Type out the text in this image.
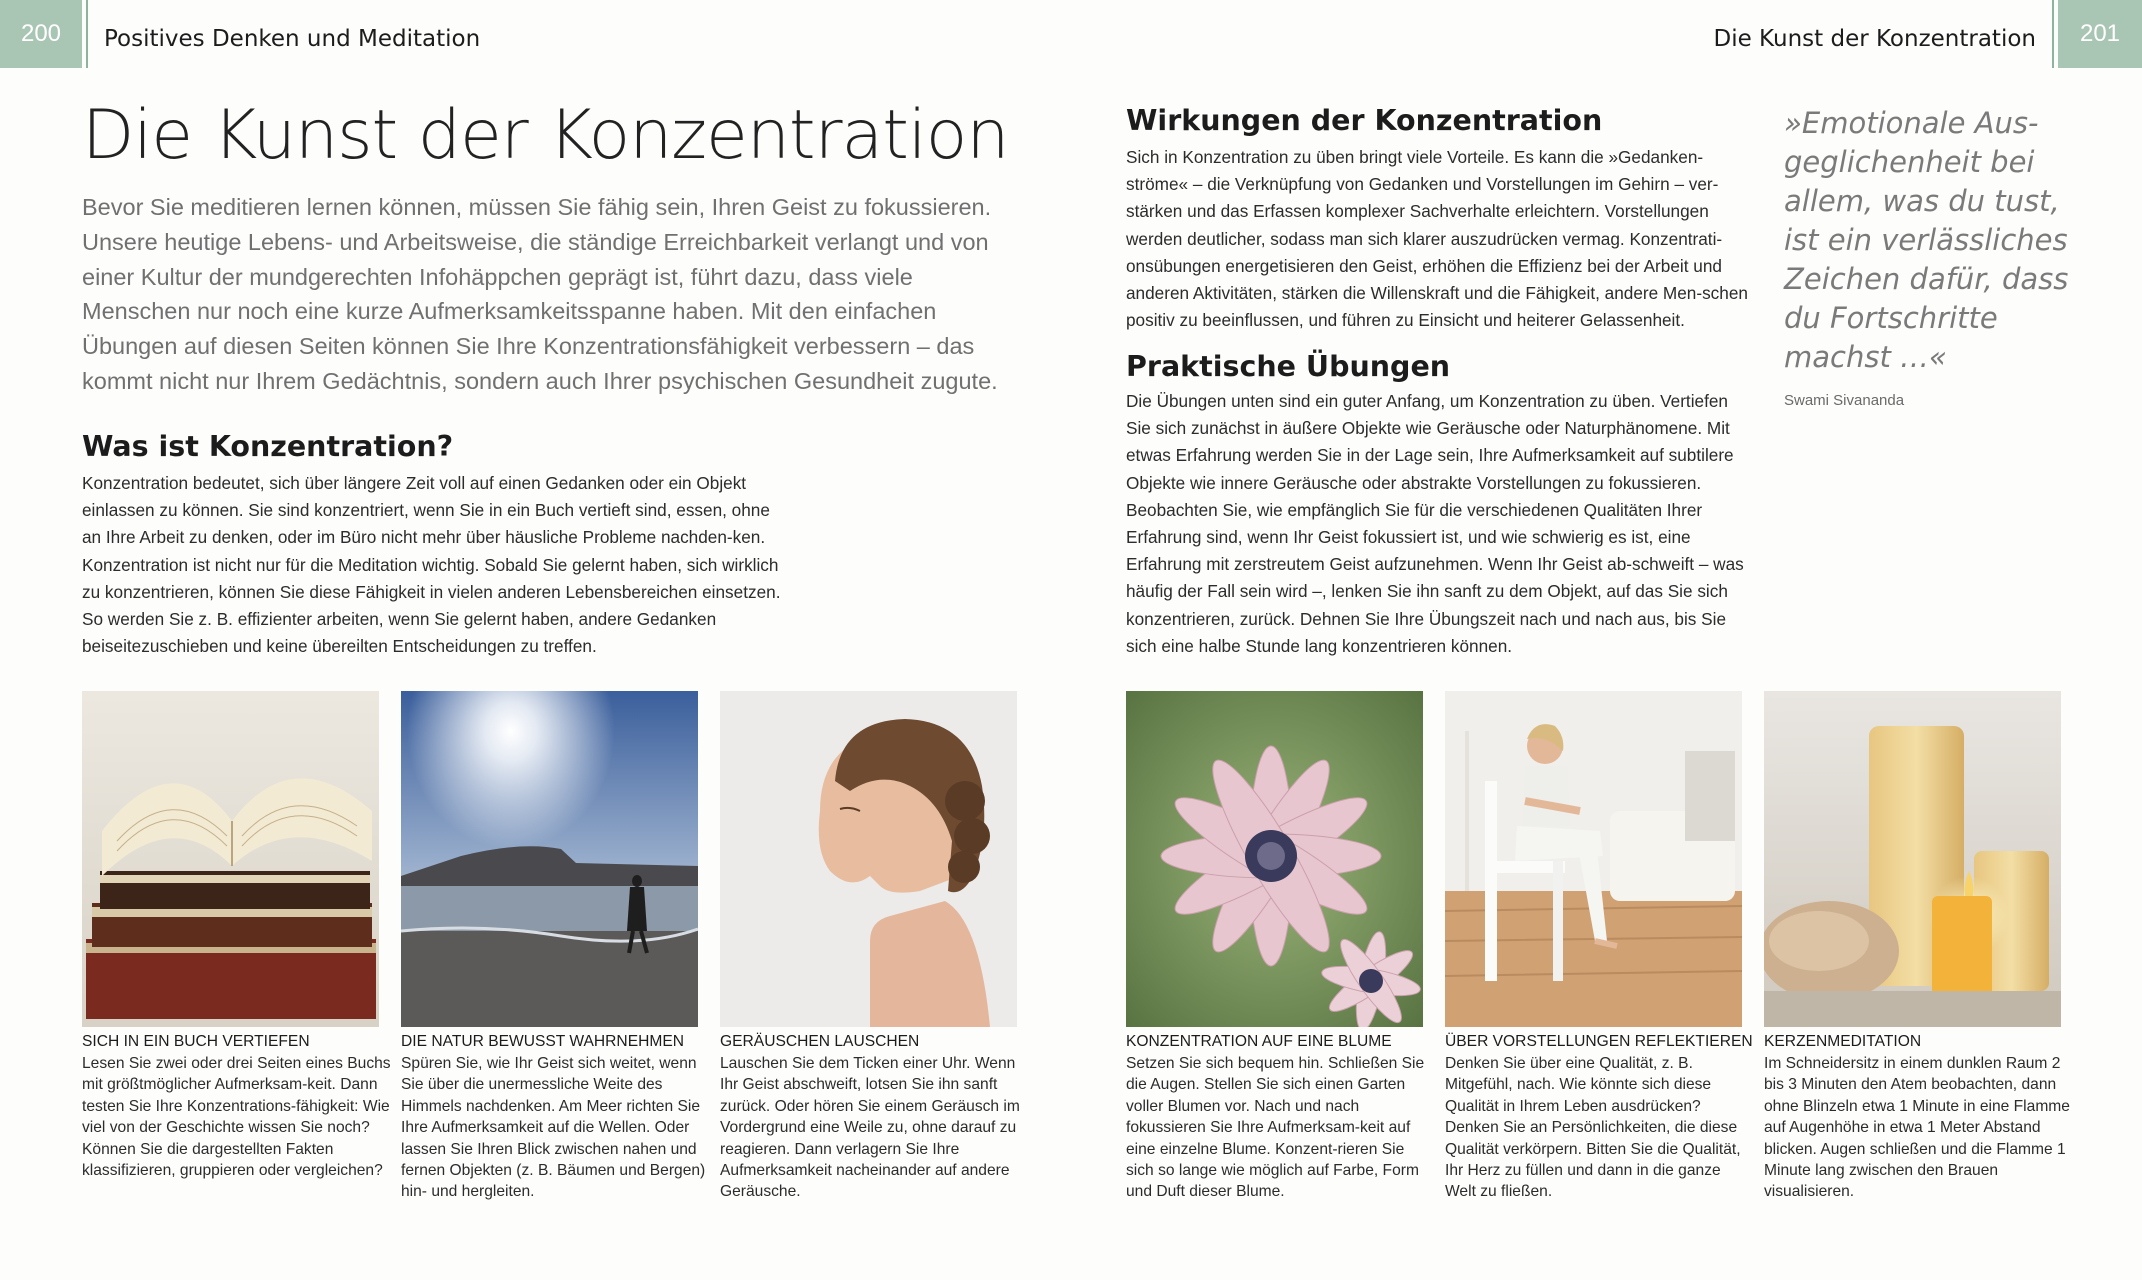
200 Positives Denken und Meditation	Die Kunst der Konzentration 201
Die Kunst der Konzentration

Bevor Sie meditieren lernen können, müssen Sie fähig sein, Ihren Geist zu fokussieren. Unsere heutige Lebens- und Arbeitsweise, die ständige Erreichbarkeit verlangt und von einer Kultur der mundgerechten Infohäppchen geprägt ist, führt dazu, dass viele Menschen nur noch eine kurze Aufmerksamkeitsspanne haben. Mit den einfachen Übungen auf diesen Seiten können Sie Ihre Konzentrationsfähigkeit verbessern – das kommt nicht nur Ihrem Gedächtnis, sondern auch Ihrer psychischen Gesundheit zugute.

Was ist Konzentration?

Konzentration bedeutet, sich über längere Zeit voll auf einen Gedanken oder ein Objekt einlassen zu können. Sie sind konzentriert, wenn Sie in ein Buch vertieft sind, essen, ohne an Ihre Arbeit zu denken, oder im Büro nicht mehr über häusliche Probleme nachden-ken. Konzentration ist nicht nur für die Meditation wichtig. Sobald Sie gelernt haben, sich wirklich zu konzentrieren, können Sie diese Fähigkeit in vielen anderen Lebensbereichen einsetzen. So werden Sie z. B. effizienter arbeiten, wenn Sie gelernt haben, andere Gedanken beiseitezuschieben und keine übereilten Entscheidungen zu treffen.

Wirkungen der Konzentration

Sich in Konzentration zu üben bringt viele Vorteile. Es kann die »Gedanken-ströme« – die Verknüpfung von Gedanken und Vorstellungen im Gehirn – ver-stärken und das Erfassen komplexer Sachverhalte erleichtern. Vorstellungen werden deutlicher, sodass man sich klarer auszudrücken vermag. Konzentrati-onsübungen energetisieren den Geist, erhöhen die Effizienz bei der Arbeit und anderen Aktivitäten, stärken die Willenskraft und die Fähigkeit, andere Men-schen positiv zu beeinflussen, und führen zu Einsicht und heiterer Gelassenheit.

Praktische Übungen

Die Übungen unten sind ein guter Anfang, um Konzentration zu üben. Vertiefen Sie sich zunächst in äußere Objekte wie Geräusche oder Naturphänomene. Mit etwas Erfahrung werden Sie in der Lage sein, Ihre Aufmerksamkeit auf subtilere Objekte wie innere Geräusche oder abstrakte Vorstellungen zu fokussieren. Beobachten Sie, wie empfänglich Sie für die verschiedenen Qualitäten Ihrer Erfahrung sind, wenn Ihr Geist fokussiert ist, und wie schwierig es ist, eine Erfahrung mit zerstreutem Geist aufzunehmen. Wenn Ihr Geist ab-schweift – was häufig der Fall sein wird –, lenken Sie ihn sanft zu dem Objekt, auf das Sie sich konzentrieren, zurück. Dehnen Sie Ihre Übungszeit nach und nach aus, bis Sie sich eine halbe Stunde lang konzentrieren können.

»Emotionale Aus-geglichenheit bei allem, was du tust, ist ein verlässliches Zeichen dafür, dass du Fortschritte machst …«
Swami Sivananda
SICH IN EIN BUCH VERTIEFEN
Lesen Sie zwei oder drei Seiten eines Buchs mit größtmöglicher Aufmerksam-keit. Dann testen Sie Ihre Konzentrations-fähigkeit: Wie viel von der Geschichte wissen Sie noch? Können Sie die dargestellten Fakten klassifizieren, gruppieren oder vergleichen?
DIE NATUR BEWUSST WAHRNEHMEN
Spüren Sie, wie Ihr Geist sich weitet, wenn Sie über die unermessliche Weite des Himmels nachdenken. Am Meer richten Sie Ihre Aufmerksamkeit auf die Wellen. Oder lassen Sie Ihren Blick zwischen nahen und fernen Objekten (z. B. Bäumen und Bergen) hin- und hergleiten.
GERÄUSCHEN LAUSCHEN
Lauschen Sie dem Ticken einer Uhr. Wenn Ihr Geist abschweift, lotsen Sie ihn sanft zurück. Oder hören Sie einem Geräusch im Vordergrund eine Weile zu, ohne darauf zu reagieren. Dann verlagern Sie Ihre Aufmerksamkeit nacheinander auf andere Geräusche.
KONZENTRATION AUF EINE BLUME
Setzen Sie sich bequem hin. Schließen Sie die Augen. Stellen Sie sich einen Garten voller Blumen vor. Nach und nach fokussieren Sie Ihre Aufmerksam-keit auf eine einzelne Blume. Konzent-rieren Sie sich so lange wie möglich auf Farbe, Form und Duft dieser Blume.
ÜBER VORSTELLUNGEN REFLEKTIEREN
Denken Sie über eine Qualität, z. B. Mitgefühl, nach. Wie könnte sich diese Qualität in Ihrem Leben ausdrücken? Denken Sie an Persönlichkeiten, die diese Qualität verkörpern. Bitten Sie die Qualität, Ihr Herz zu füllen und dann in die ganze Welt zu fließen.
KERZENMEDITATION
Im Schneidersitz in einem dunklen Raum 2 bis 3 Minuten den Atem beobachten, dann ohne Blinzeln etwa 1 Minute in eine Flamme auf Augenhöhe in etwa 1 Meter Abstand blicken. Augen schließen und die Flamme 1 Minute lang zwischen den Brauen visualisieren.
